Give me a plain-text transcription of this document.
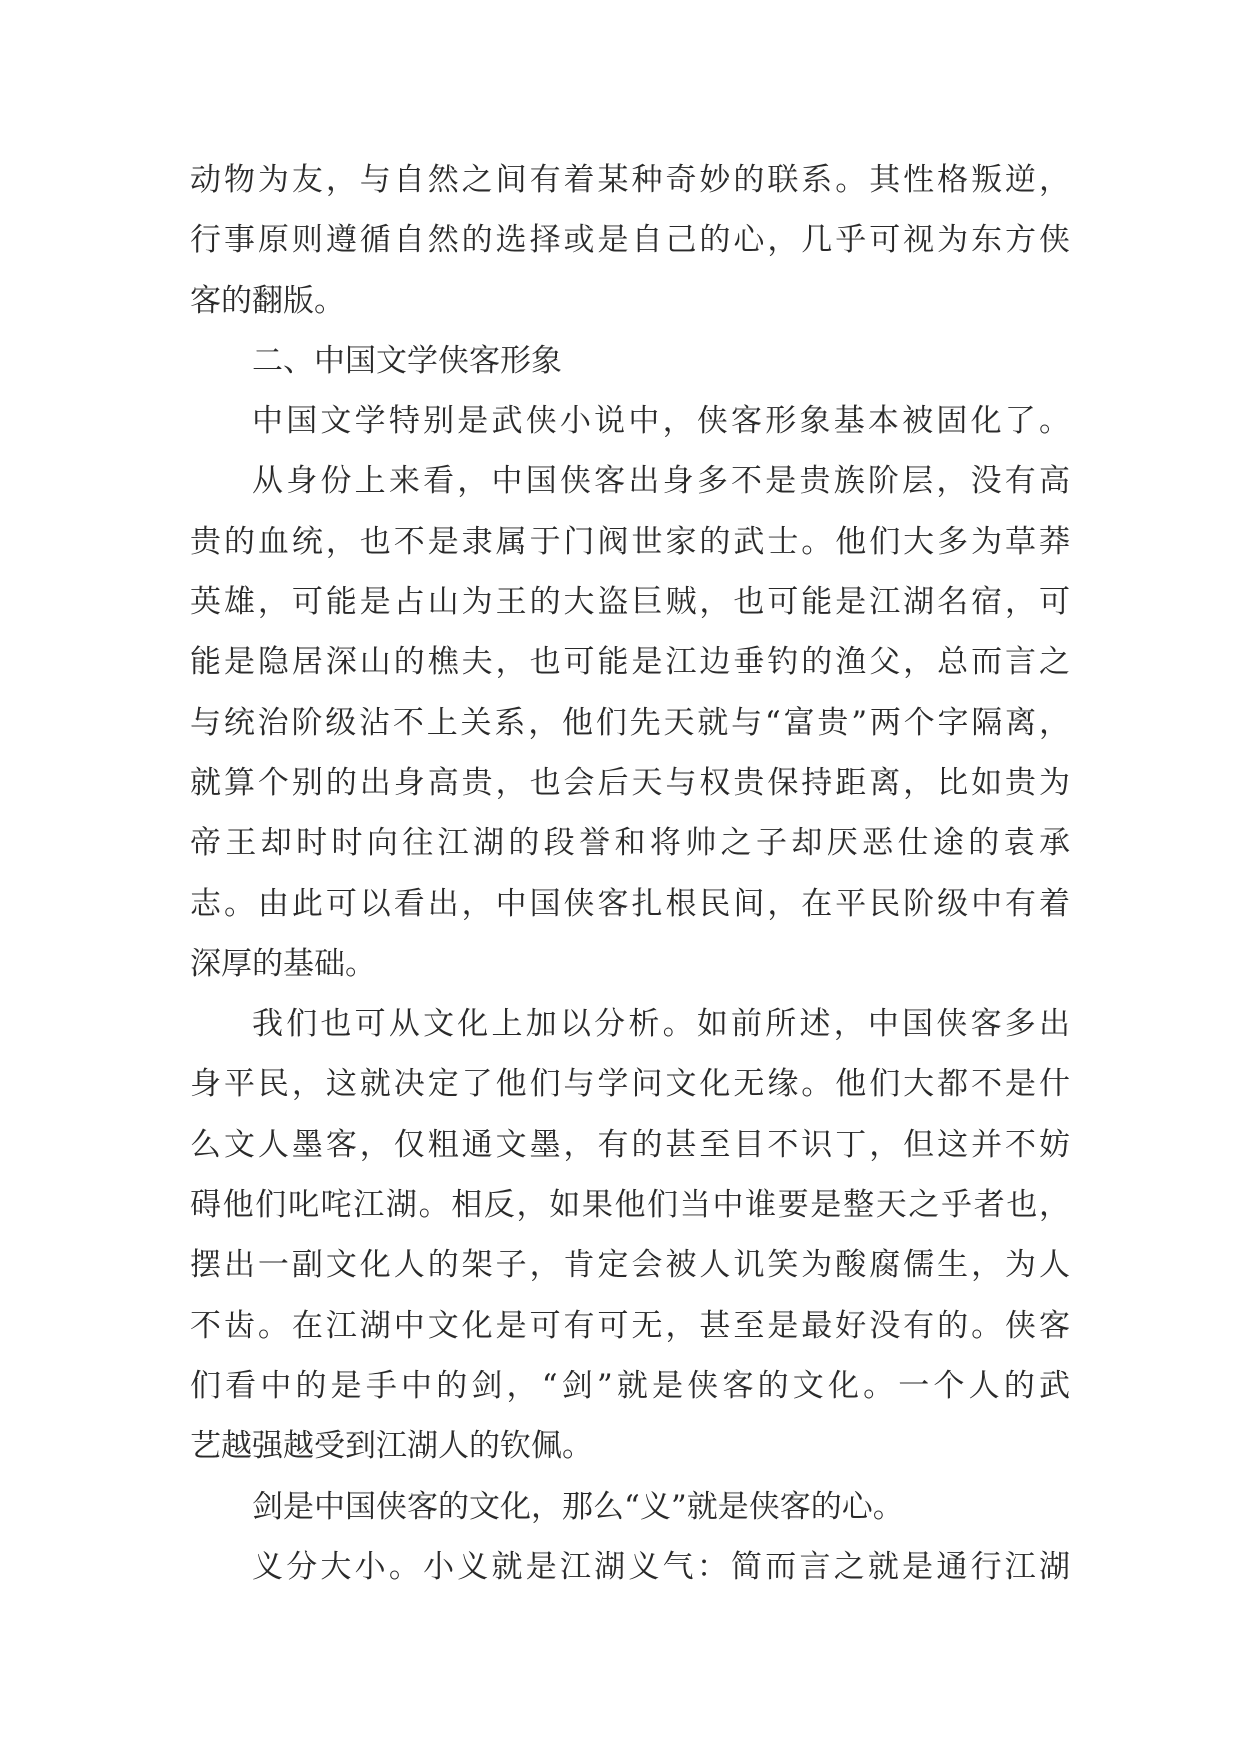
动物为友，与自然之间有着某种奇妙的联系。其性格叛逆，
行事原则遵循自然的选择或是自己的心，几乎可视为东方侠
客的翻版。
二、中国文学侠客形象
中国文学特别是武侠小说中，侠客形象基本被固化了。
从身份上来看，中国侠客出身多不是贵族阶层，没有高
贵的血统，也不是隶属于门阀世家的武士。他们大多为草莽
英雄，可能是占山为王的大盗巨贼，也可能是江湖名宿，可
能是隐居深山的樵夫，也可能是江边垂钓的渔父，总而言之
与统治阶级沾不上关系，他们先天就与“富贵”两个字隔离，
就算个别的出身高贵，也会后天与权贵保持距离，比如贵为
帝王却时时向往江湖的段誉和将帅之子却厌恶仕途的袁承
志。由此可以看出，中国侠客扎根民间，在平民阶级中有着
深厚的基础。
我们也可从文化上加以分析。如前所述，中国侠客多出
身平民，这就决定了他们与学问文化无缘。他们大都不是什
么文人墨客，仅粗通文墨，有的甚至目不识丁，但这并不妨
碍他们叱咤江湖。相反，如果他们当中谁要是整天之乎者也，
摆出一副文化人的架子，肯定会被人讥笑为酸腐儒生，为人
不齿。在江湖中文化是可有可无，甚至是最好没有的。侠客
们看中的是手中的剑，“剑”就是侠客的文化。一个人的武
艺越强越受到江湖人的钦佩。
剑是中国侠客的文化，那么“义”就是侠客的心。
义分大小。小义就是江湖义气：简而言之就是通行江湖
